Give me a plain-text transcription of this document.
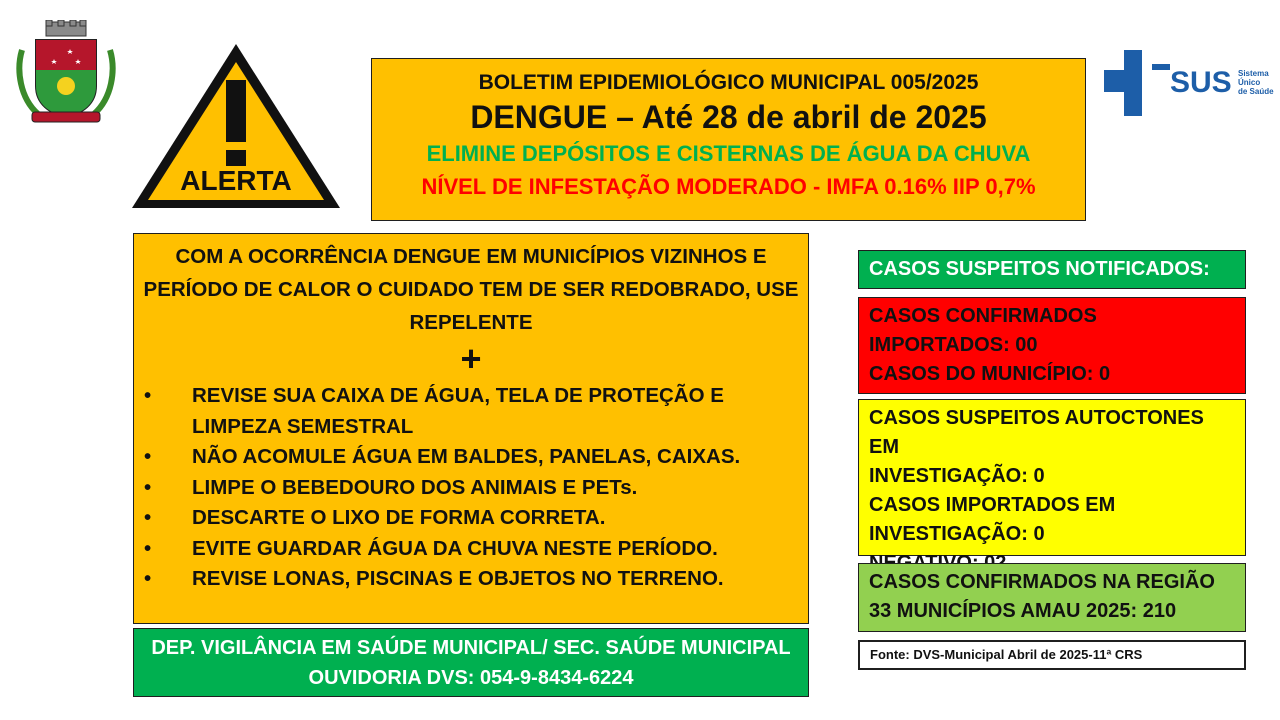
ALERTA
SUS Sistema
Único
de Saúde
BOLETIM EPIDEMIOLÓGICO MUNICIPAL 005/2025
DENGUE – Até 28 de abril de 2025
ELIMINE DEPÓSITOS E CISTERNAS DE ÁGUA DA CHUVA
NÍVEL DE INFESTAÇÃO MODERADO - IMFA 0.16% IIP 0,7%
COM A OCORRÊNCIA DENGUE EM MUNICÍPIOS VIZINHOS E PERÍODO DE CALOR O CUIDADO TEM DE SER REDOBRADO, USE REPELENTE
+
• REVISE SUA CAIXA DE ÁGUA, TELA DE PROTEÇÃO E LIMPEZA SEMESTRAL
• NÃO ACOMULE ÁGUA EM BALDES, PANELAS, CAIXAS.
• LIMPE O BEBEDOURO DOS ANIMAIS E PETs.
• DESCARTE O LIXO DE FORMA CORRETA.
• EVITE GUARDAR ÁGUA DA CHUVA NESTE PERÍODO.
• REVISE LONAS, PISCINAS E OBJETOS NO TERRENO.
DEP. VIGILÂNCIA EM SAÚDE MUNICIPAL/ SEC. SAÚDE MUNICIPAL
OUVIDORIA DVS: 054-9-8434-6224
CASOS SUSPEITOS NOTIFICADOS:
CASOS CONFIRMADOS
IMPORTADOS: 00
CASOS DO MUNICÍPIO: 0
CASOS SUSPEITOS AUTOCTONES EM
INVESTIGAÇÃO: 0
CASOS IMPORTADOS EM
INVESTIGAÇÃO: 0
CASOS CONFIRMADOS NA REGIÃO
33 MUNICÍPIOS AMAU 2025: 210
Fonte: DVS-Municipal Abril de 2025-11ª CRS
